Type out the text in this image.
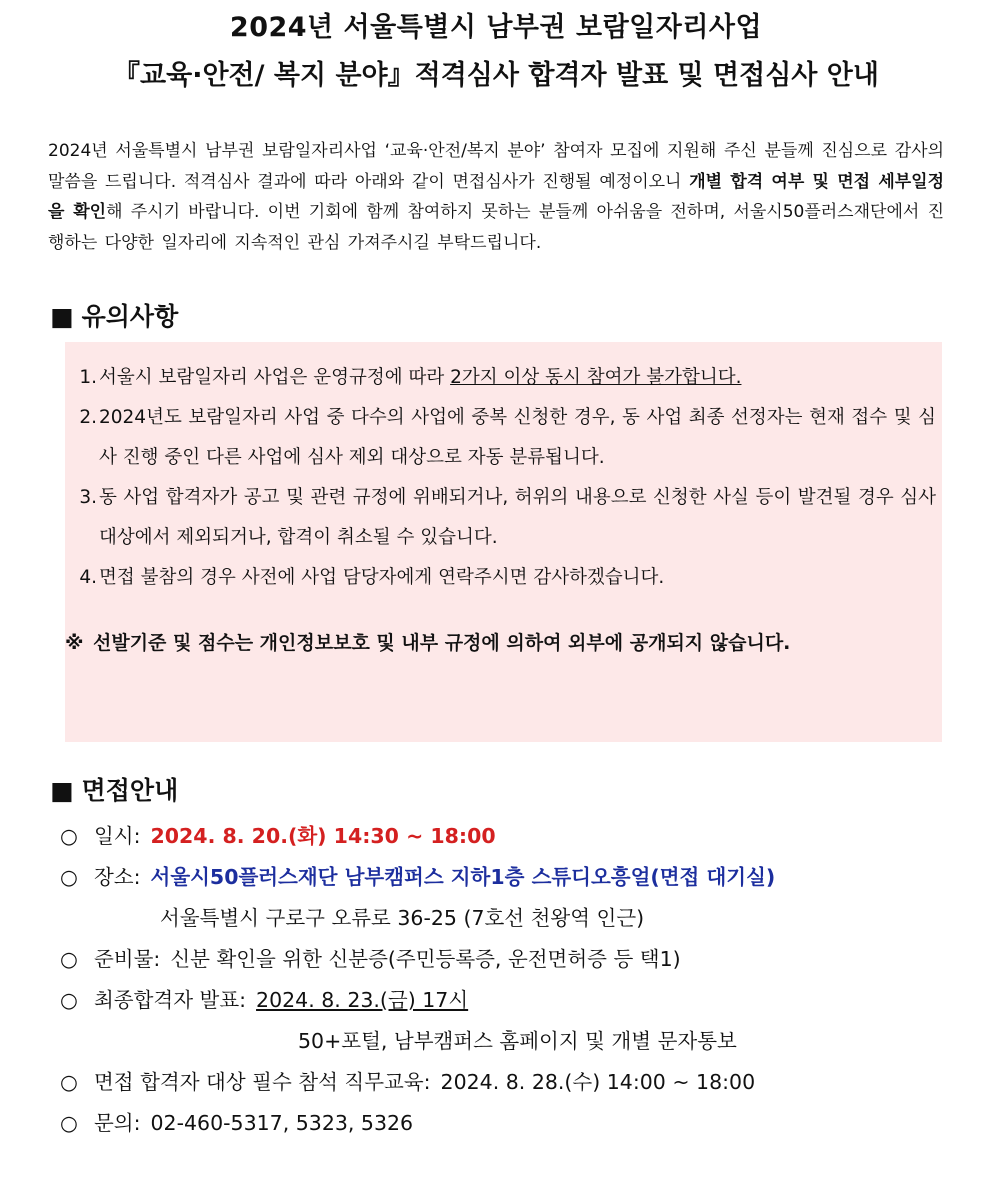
2024년 서울특별시 남부권 보람일자리사업
『교육·안전/ 복지 분야』적격심사 합격자 발표 및 면접심사 안내
2024년 서울특별시 남부권 보람일자리사업 ‘교육·안전/복지 분야’ 참여자 모집에 지원해 주신 분들께 진심으로 감사의 말씀을 드립니다. 적격심사 결과에 따라 아래와 같이 면접심사가 진행될 예정이오니 개별 합격 여부 및 면접 세부일정을 확인해 주시기 바랍니다. 이번 기회에 함께 참여하지 못하는 분들께 아쉬움을 전하며, 서울시50플러스재단에서 진행하는 다양한 일자리에 지속적인 관심 가져주시길 부탁드립니다.
■ 유의사항
1. 서울시 보람일자리 사업은 운영규정에 따라 2가지 이상 동시 참여가 불가합니다.
2. 2024년도 보람일자리 사업 중 다수의 사업에 중복 신청한 경우, 동 사업 최종 선정자는 현재 접수 및 심사 진행 중인 다른 사업에 심사 제외 대상으로 자동 분류됩니다.
3. 동 사업 합격자가 공고 및 관련 규정에 위배되거나, 허위의 내용으로 신청한 사실 등이 발견될 경우 심사 대상에서 제외되거나, 합격이 취소될 수 있습니다.
4. 면접 불참의 경우 사전에 사업 담당자에게 연락주시면 감사하겠습니다.
※ 선발기준 및 점수는 개인정보보호 및 내부 규정에 의하여 외부에 공개되지 않습니다.
■ 면접안내
○ 일시: 2024. 8. 20.(화) 14:30 ~ 18:00
○ 장소: 서울시50플러스재단 남부캠퍼스 지하1층 스튜디오흥얼(면접 대기실)
서울특별시 구로구 오류로 36-25 (7호선 천왕역 인근)
○ 준비물: 신분 확인을 위한 신분증(주민등록증, 운전면허증 등 택1)
○ 최종합격자 발표: 2024. 8. 23.(금) 17시
50+포털, 남부캠퍼스 홈페이지 및 개별 문자통보
○ 면접 합격자 대상 필수 참석 직무교육: 2024. 8. 28.(수) 14:00 ~ 18:00
○ 문의: 02-460-5317, 5323, 5326
